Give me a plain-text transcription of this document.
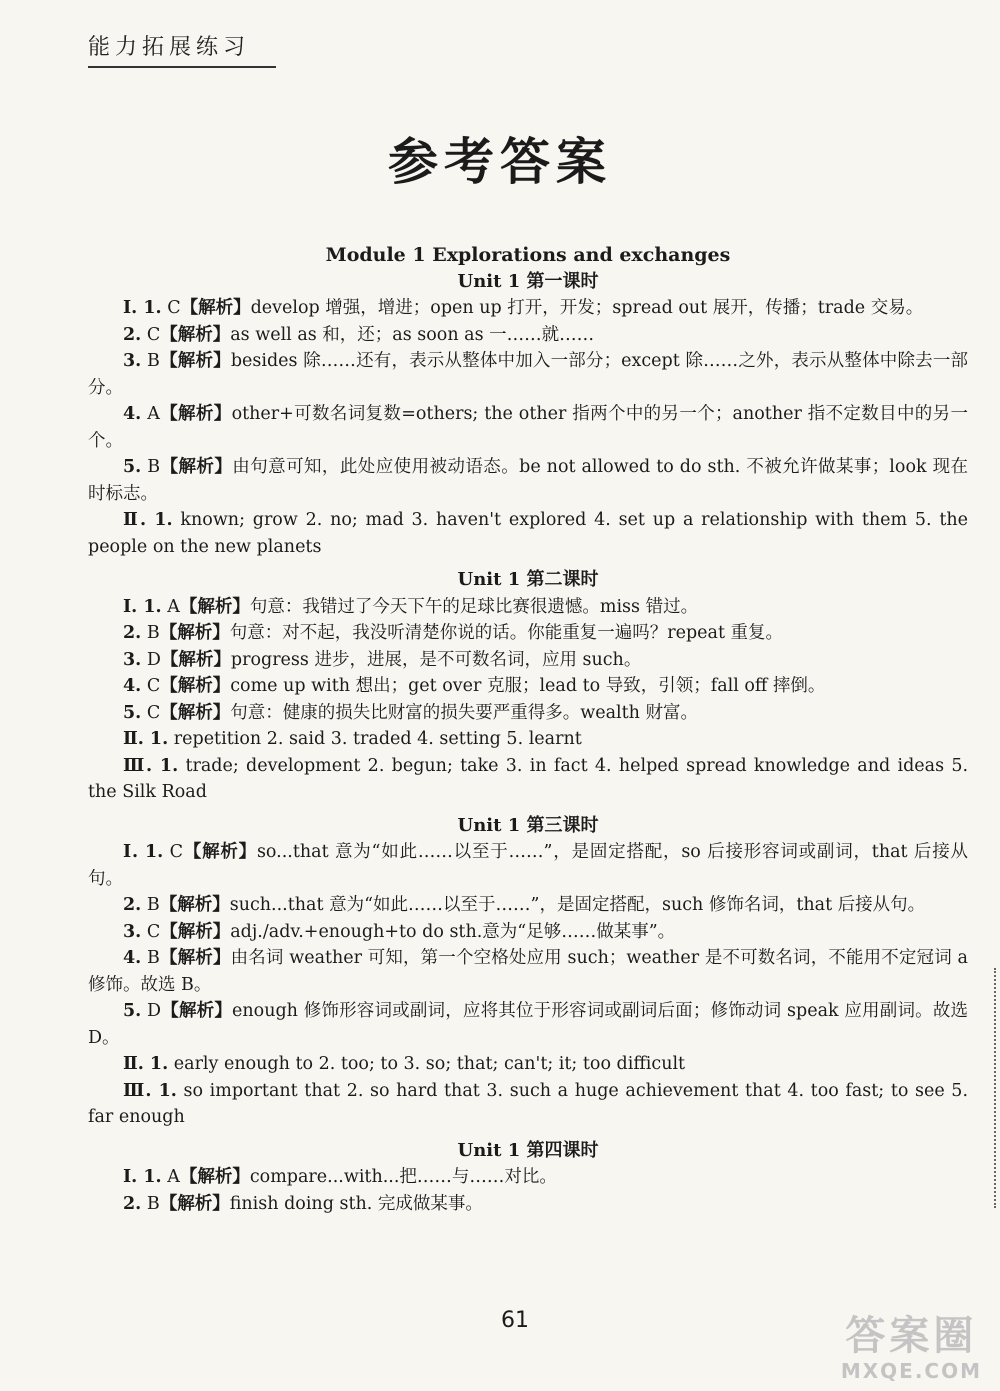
能力拓展练习
参考答案

Module 1 Explorations and exchanges

Unit 1 第一课时

Ⅰ. 1. C【解析】develop 增强，增进；open up 打开，开发；spread out 展开，传播；trade 交易。

2. C【解析】as well as 和，还；as soon as 一……就……

3. B【解析】besides 除……还有，表示从整体中加入一部分；except 除……之外，表示从整体中除去一部分。

4. A【解析】other+可数名词复数=others; the other 指两个中的另一个；another 指不定数目中的另一个。

5. B【解析】由句意可知，此处应使用被动语态。be not allowed to do sth. 不被允许做某事；look 现在时标志。

Ⅱ. 1. known; grow 2. no; mad 3. haven't explored 4. set up a relationship with them 5. the people on the new planets

Unit 1 第二课时

Ⅰ. 1. A【解析】句意：我错过了今天下午的足球比赛很遗憾。miss 错过。

2. B【解析】句意：对不起，我没听清楚你说的话。你能重复一遍吗？repeat 重复。

3. D【解析】progress 进步，进展，是不可数名词，应用 such。

4. C【解析】come up with 想出；get over 克服；lead to 导致，引领；fall off 摔倒。

5. C【解析】句意：健康的损失比财富的损失要严重得多。wealth 财富。

Ⅱ. 1. repetition 2. said 3. traded 4. setting 5. learnt

Ⅲ. 1. trade; development 2. begun; take 3. in fact 4. helped spread knowledge and ideas 5. the Silk Road

Unit 1 第三课时

Ⅰ. 1. C【解析】so...that 意为“如此……以至于……”，是固定搭配，so 后接形容词或副词，that 后接从句。

2. B【解析】such...that 意为“如此……以至于……”，是固定搭配，such 修饰名词，that 后接从句。

3. C【解析】adj./adv.+enough+to do sth.意为“足够……做某事”。

4. B【解析】由名词 weather 可知，第一个空格处应用 such；weather 是不可数名词，不能用不定冠词 a 修饰。故选 B。

5. D【解析】enough 修饰形容词或副词，应将其位于形容词或副词后面；修饰动词 speak 应用副词。故选 D。

Ⅱ. 1. early enough to 2. too; to 3. so; that; can't; it; too difficult

Ⅲ. 1. so important that 2. so hard that 3. such a huge achievement that 4. too fast; to see 5. far enough

Unit 1 第四课时

Ⅰ. 1. A【解析】compare...with...把……与……对比。

2. B【解析】finish doing sth. 完成做某事。

61	答案圈
MXQE.COM
